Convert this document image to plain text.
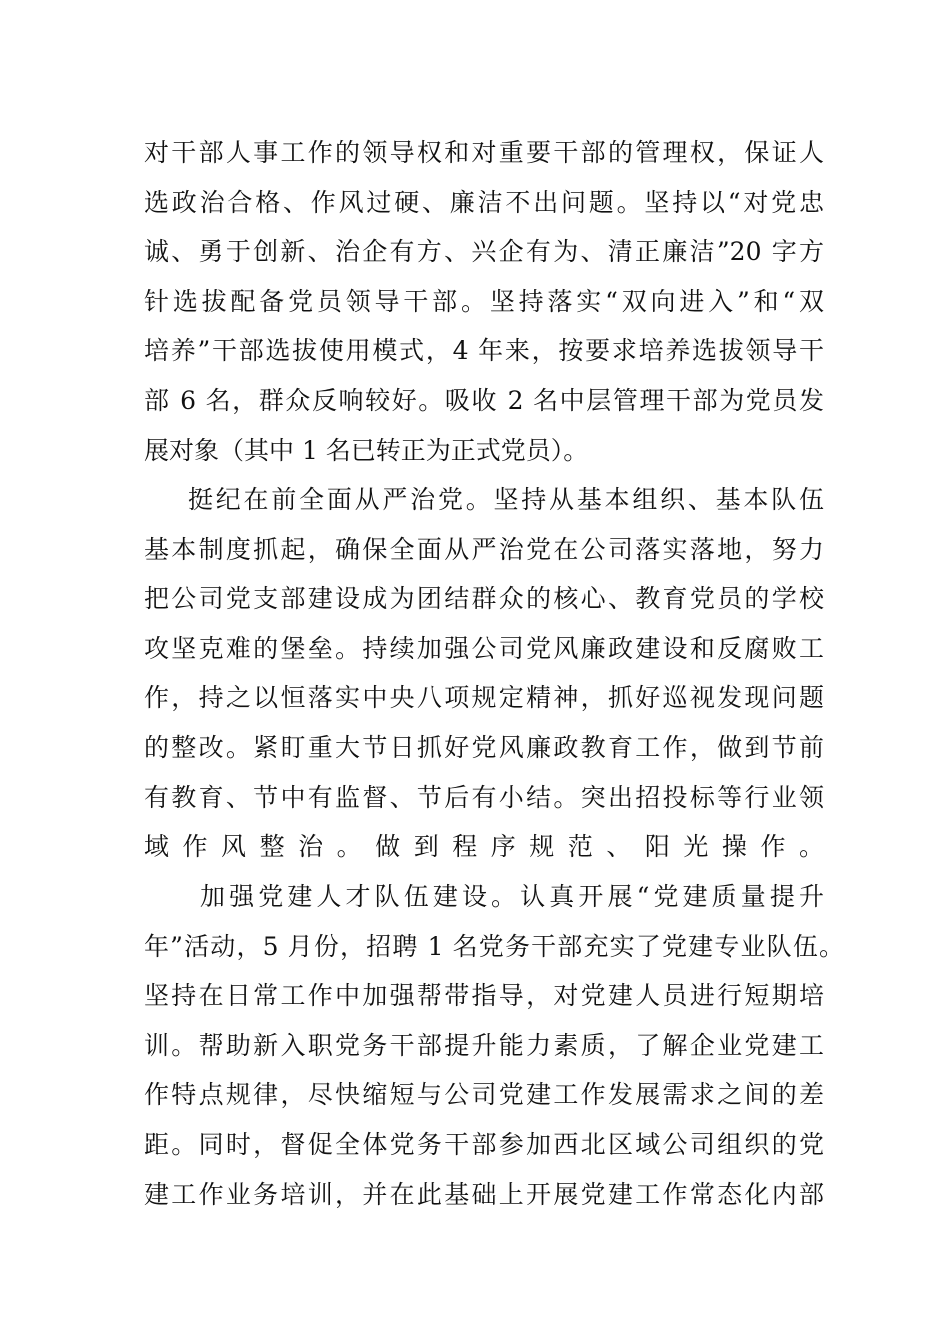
对干部人事工作的领导权和对重要干部的管理权，保证人
选政治合格、作风过硬、廉洁不出问题。坚持以“对党忠
诚、勇于创新、治企有方、兴企有为、清正廉洁”20 字方
针选拔配备党员领导干部。坚持落实“双向进入”和“双
培养”干部选拔使用模式，4 年来，按要求培养选拔领导干
部 6 名，群众反响较好。吸收 2 名中层管理干部为党员发
展对象（其中 1 名已转正为正式党员）。
挺纪在前全面从严治党。坚持从基本组织、基本队伍
基本制度抓起，确保全面从严治党在公司落实落地，努力
把公司党支部建设成为团结群众的核心、教育党员的学校
攻坚克难的堡垒。持续加强公司党风廉政建设和反腐败工
作，持之以恒落实中央八项规定精神，抓好巡视发现问题
的整改。紧盯重大节日抓好党风廉政教育工作，做到节前
有教育、节中有监督、节后有小结。突出招投标等行业领
域作风整治。做到程序规范、阳光操作。
加强党建人才队伍建设。认真开展“党建质量提升
年”活动，5 月份，招聘 1 名党务干部充实了党建专业队伍。
坚持在日常工作中加强帮带指导，对党建人员进行短期培
训。帮助新入职党务干部提升能力素质，了解企业党建工
作特点规律，尽快缩短与公司党建工作发展需求之间的差
距。同时，督促全体党务干部参加西北区域公司组织的党
建工作业务培训，并在此基础上开展党建工作常态化内部
